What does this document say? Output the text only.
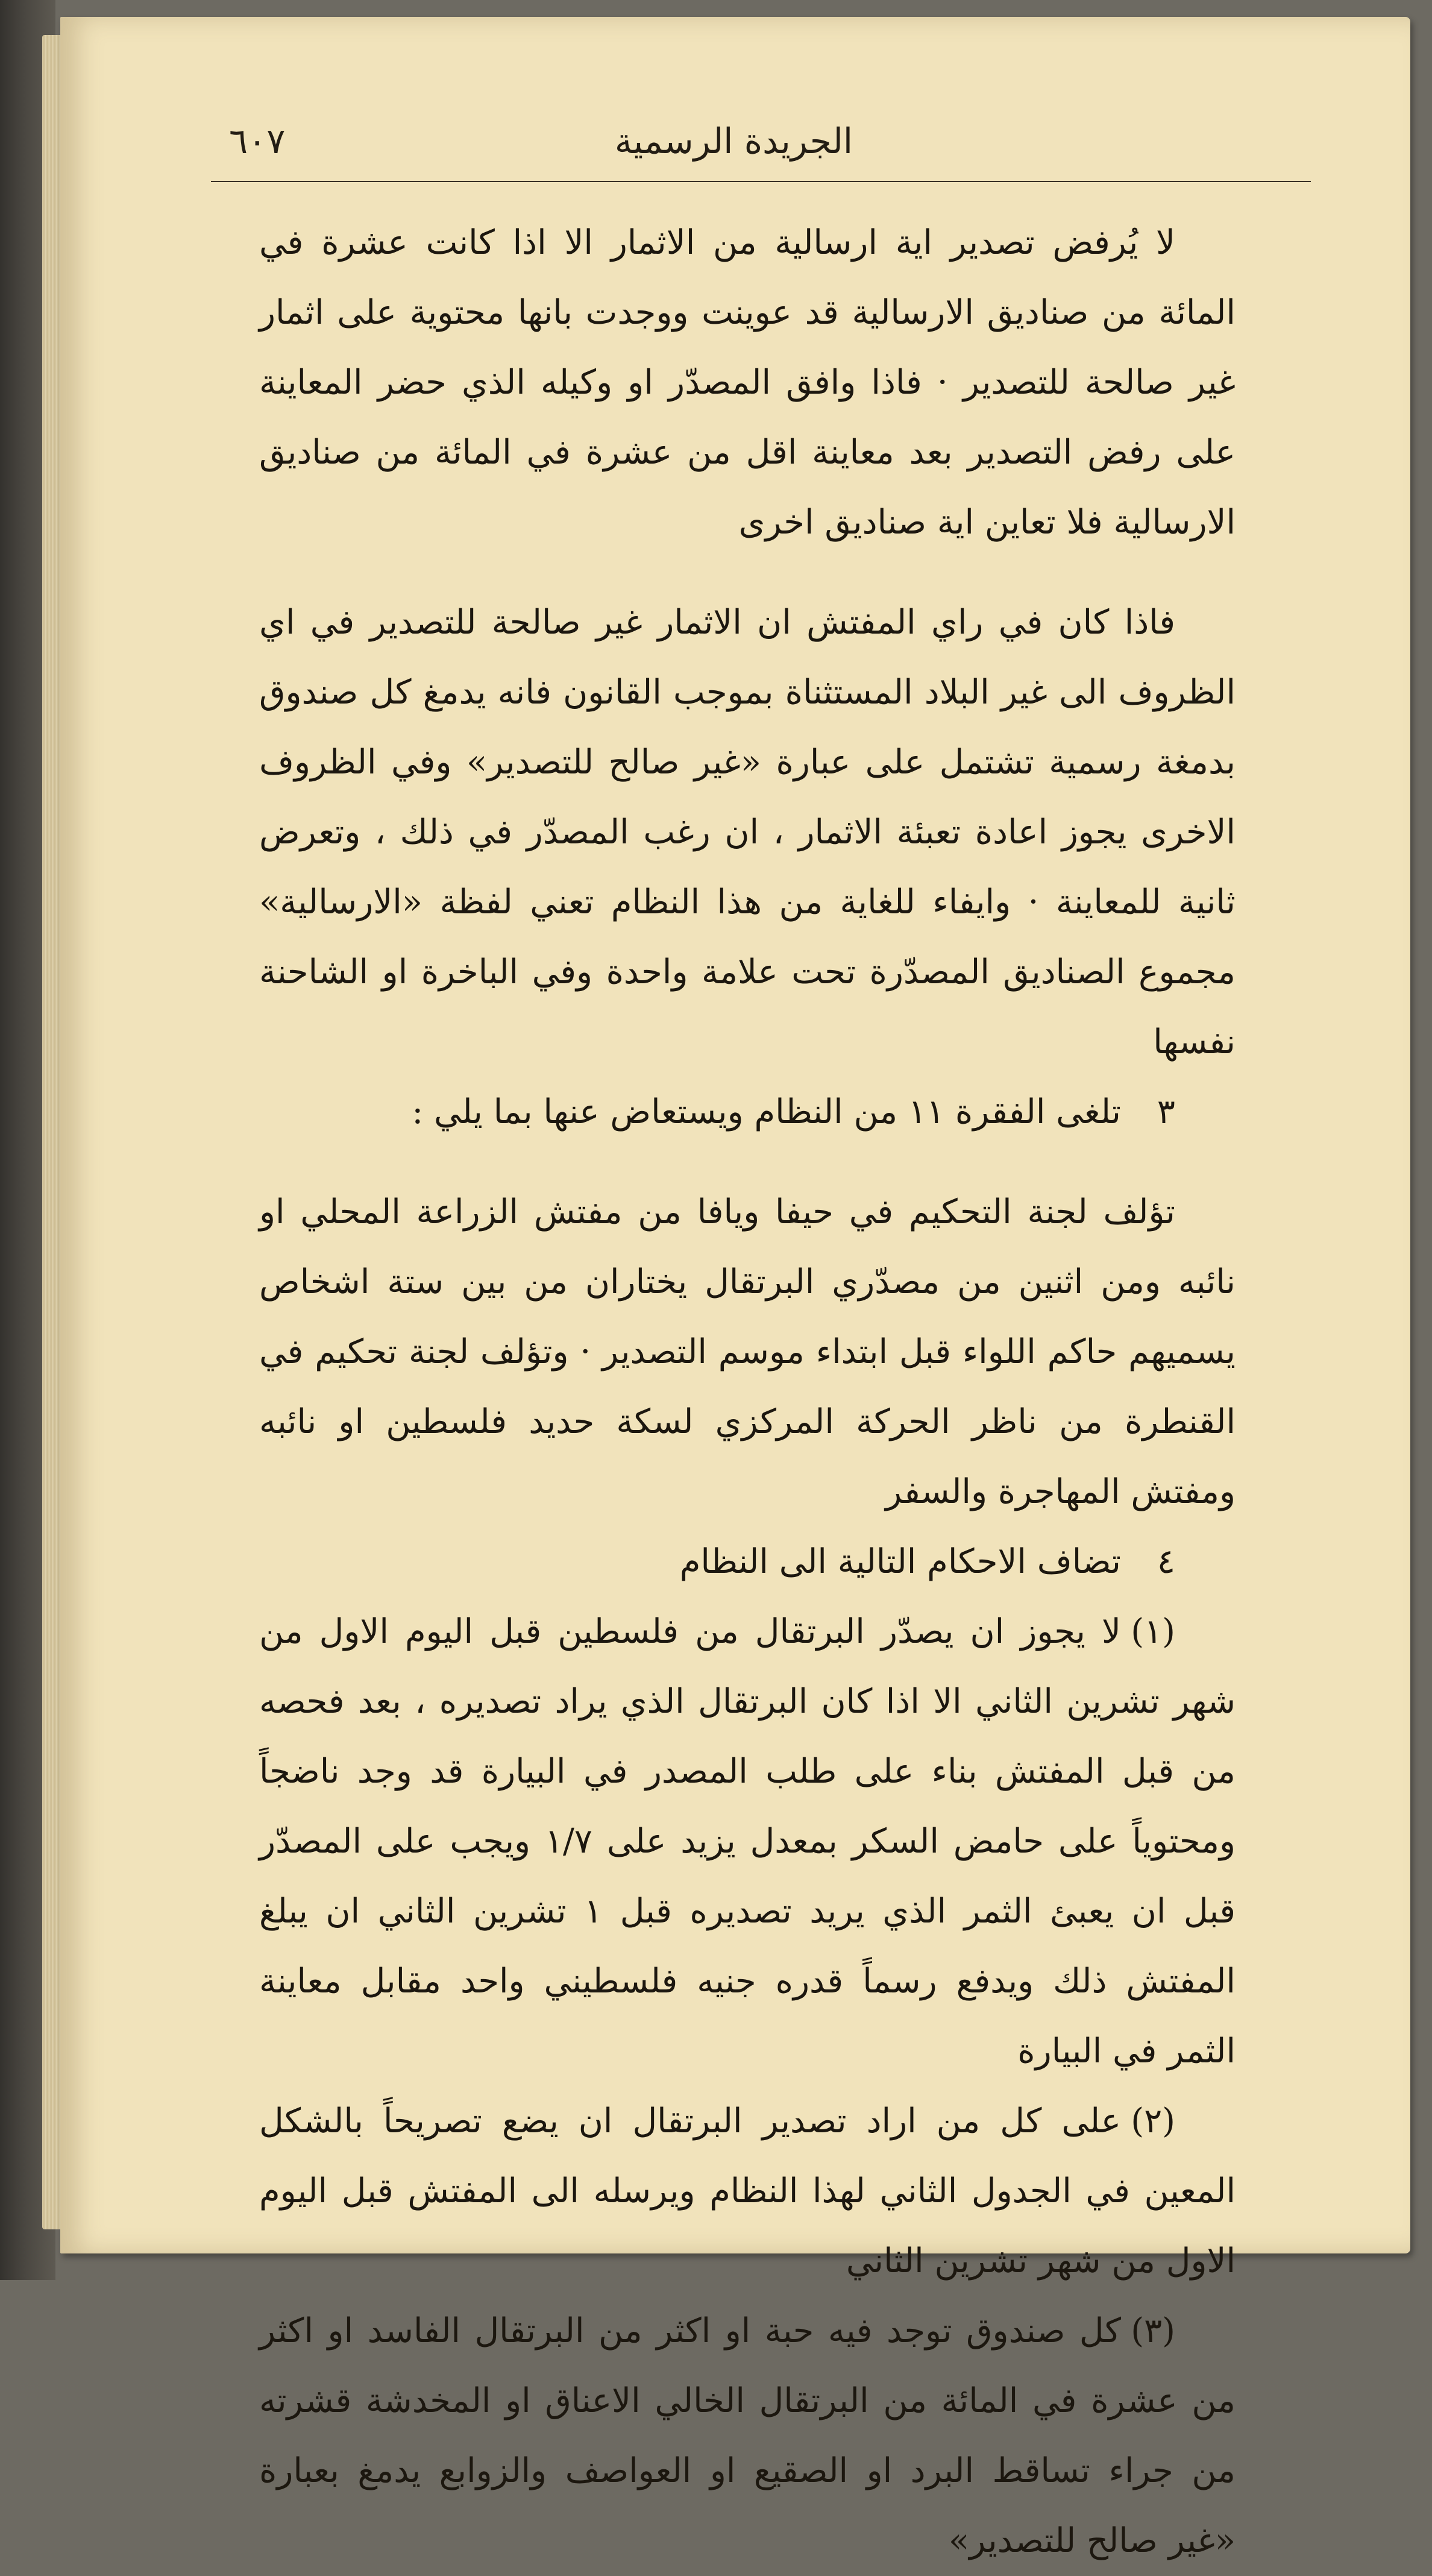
٦٠٧	الجريدة الرسمية

لا يُرفض تصدير اية ارسالية من الاثمار الا اذا كانت عشرة في المائة من صناديق الارسالية قد عوينت ووجدت بانها محتوية على اثمار غير صالحة للتصدير · فاذا وافق المصدّر او وكيله الذي حضر المعاينة على رفض التصدير بعد معاينة اقل من عشرة في المائة من صناديق الارسالية فلا تعاين اية صناديق اخرى

فاذا كان في راي المفتش ان الاثمار غير صالحة للتصدير في اي الظروف الى غير البلاد المستثناة بموجب القانون فانه يدمغ كل صندوق بدمغة رسمية تشتمل على عبارة «غير صالح للتصدير» وفي الظروف الاخرى يجوز اعادة تعبئة الاثمار ، ان رغب المصدّر في ذلك ، وتعرض ثانية للمعاينة · وايفاء للغاية من هذا النظام تعني لفظة «الارسالية» مجموع الصناديق المصدّرة تحت علامة واحدة وفي الباخرة او الشاحنة نفسها

٣تلغى الفقرة ١١ من النظام ويستعاض عنها بما يلي :

تؤلف لجنة التحكيم في حيفا ويافا من مفتش الزراعة المحلي او نائبه ومن اثنين من مصدّري البرتقال يختاران من بين ستة اشخاص يسميهم حاكم اللواء قبل ابتداء موسم التصدير · وتؤلف لجنة تحكيم في القنطرة من ناظر الحركة المركزي لسكة حديد فلسطين او نائبه ومفتش المهاجرة والسفر

٤تضاف الاحكام التالية الى النظام

(١)لا يجوز ان يصدّر البرتقال من فلسطين قبل اليوم الاول من شهر تشرين الثاني الا اذا كان البرتقال الذي يراد تصديره ، بعد فحصه من قبل المفتش بناء على طلب المصدر في البيارة قد وجد ناضجاً ومحتوياً على حامض السكر بمعدل يزيد على ١/٧ ويجب على المصدّر قبل ان يعبئ الثمر الذي يريد تصديره قبل ١ تشرين الثاني ان يبلغ المفتش ذلك ويدفع رسماً قدره جنيه فلسطيني واحد مقابل معاينة الثمر في البيارة

(٢)على كل من اراد تصدير البرتقال ان يضع تصريحاً بالشكل المعين في الجدول الثاني لهذا النظام ويرسله الى المفتش قبل اليوم الاول من شهر تشرين الثاني

(٣)كل صندوق توجد فيه حبة او اكثر من البرتقال الفاسد او اكثر من عشرة في المائة من البرتقال الخالي الاعناق او المخدشة قشرته من جراء تساقط البرد او الصقيع او العواصف والزوابع يدمغ بعبارة «غير صالح للتصدير»
